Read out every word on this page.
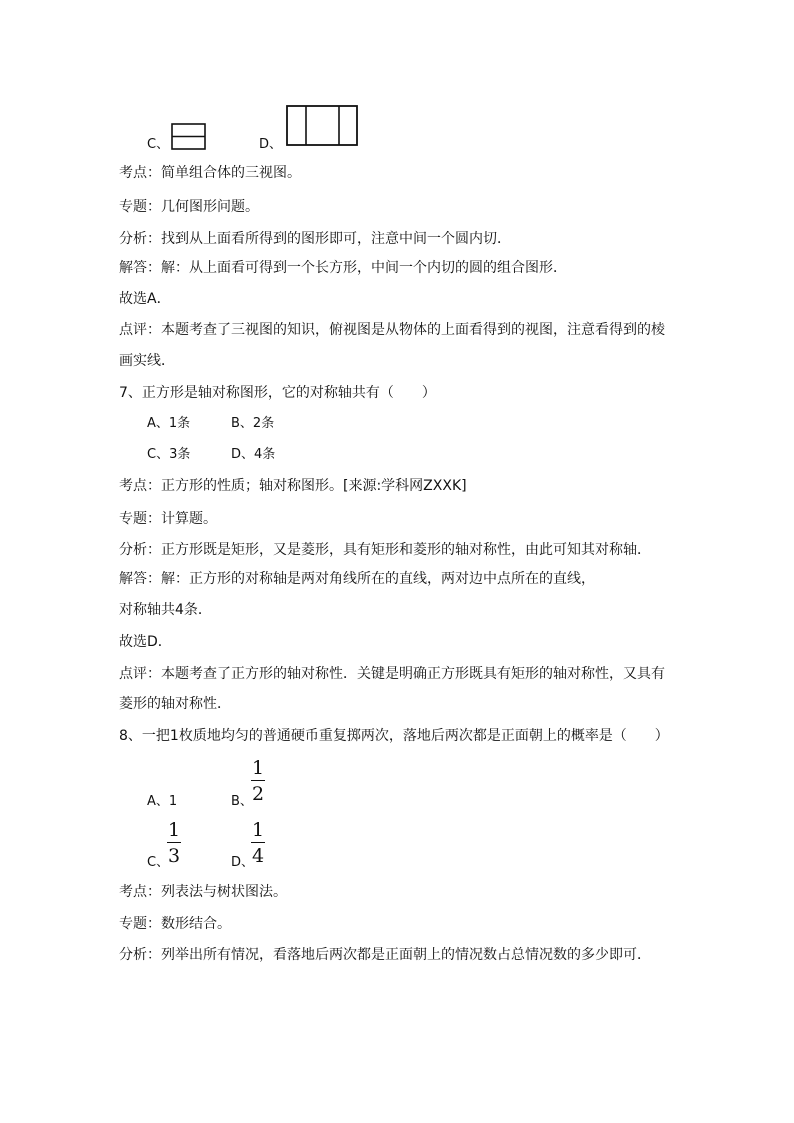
C、	D、
考点：简单组合体的三视图。
专题：几何图形问题。
分析：找到从上面看所得到的图形即可，注意中间一个圆内切．
解答：解：从上面看可得到一个长方形，中间一个内切的圆的组合图形．
故选A．
点评：本题考查了三视图的知识，俯视图是从物体的上面看得到的视图，注意看得到的棱
画实线．
7、正方形是轴对称图形，它的对称轴共有（　　）
A、1条	B、2条
C、3条	D、4条
考点：正方形的性质；轴对称图形。[来源:学科网ZXXK]
专题：计算题。
分析：正方形既是矩形，又是菱形，具有矩形和菱形的轴对称性，由此可知其对称轴．
解答：解：正方形的对称轴是两对角线所在的直线，两对边中点所在的直线，
对称轴共4条．
故选D．
点评：本题考查了正方形的轴对称性．关键是明确正方形既具有矩形的轴对称性，又具有
菱形的轴对称性．
8、一把1枚质地均匀的普通硬币重复掷两次，落地后两次都是正面朝上的概率是（　　）
A、1	B、
1
2
C、
1
3	D、
1
4
考点：列表法与树状图法。
专题：数形结合。
分析：列举出所有情况，看落地后两次都是正面朝上的情况数占总情况数的多少即可．
